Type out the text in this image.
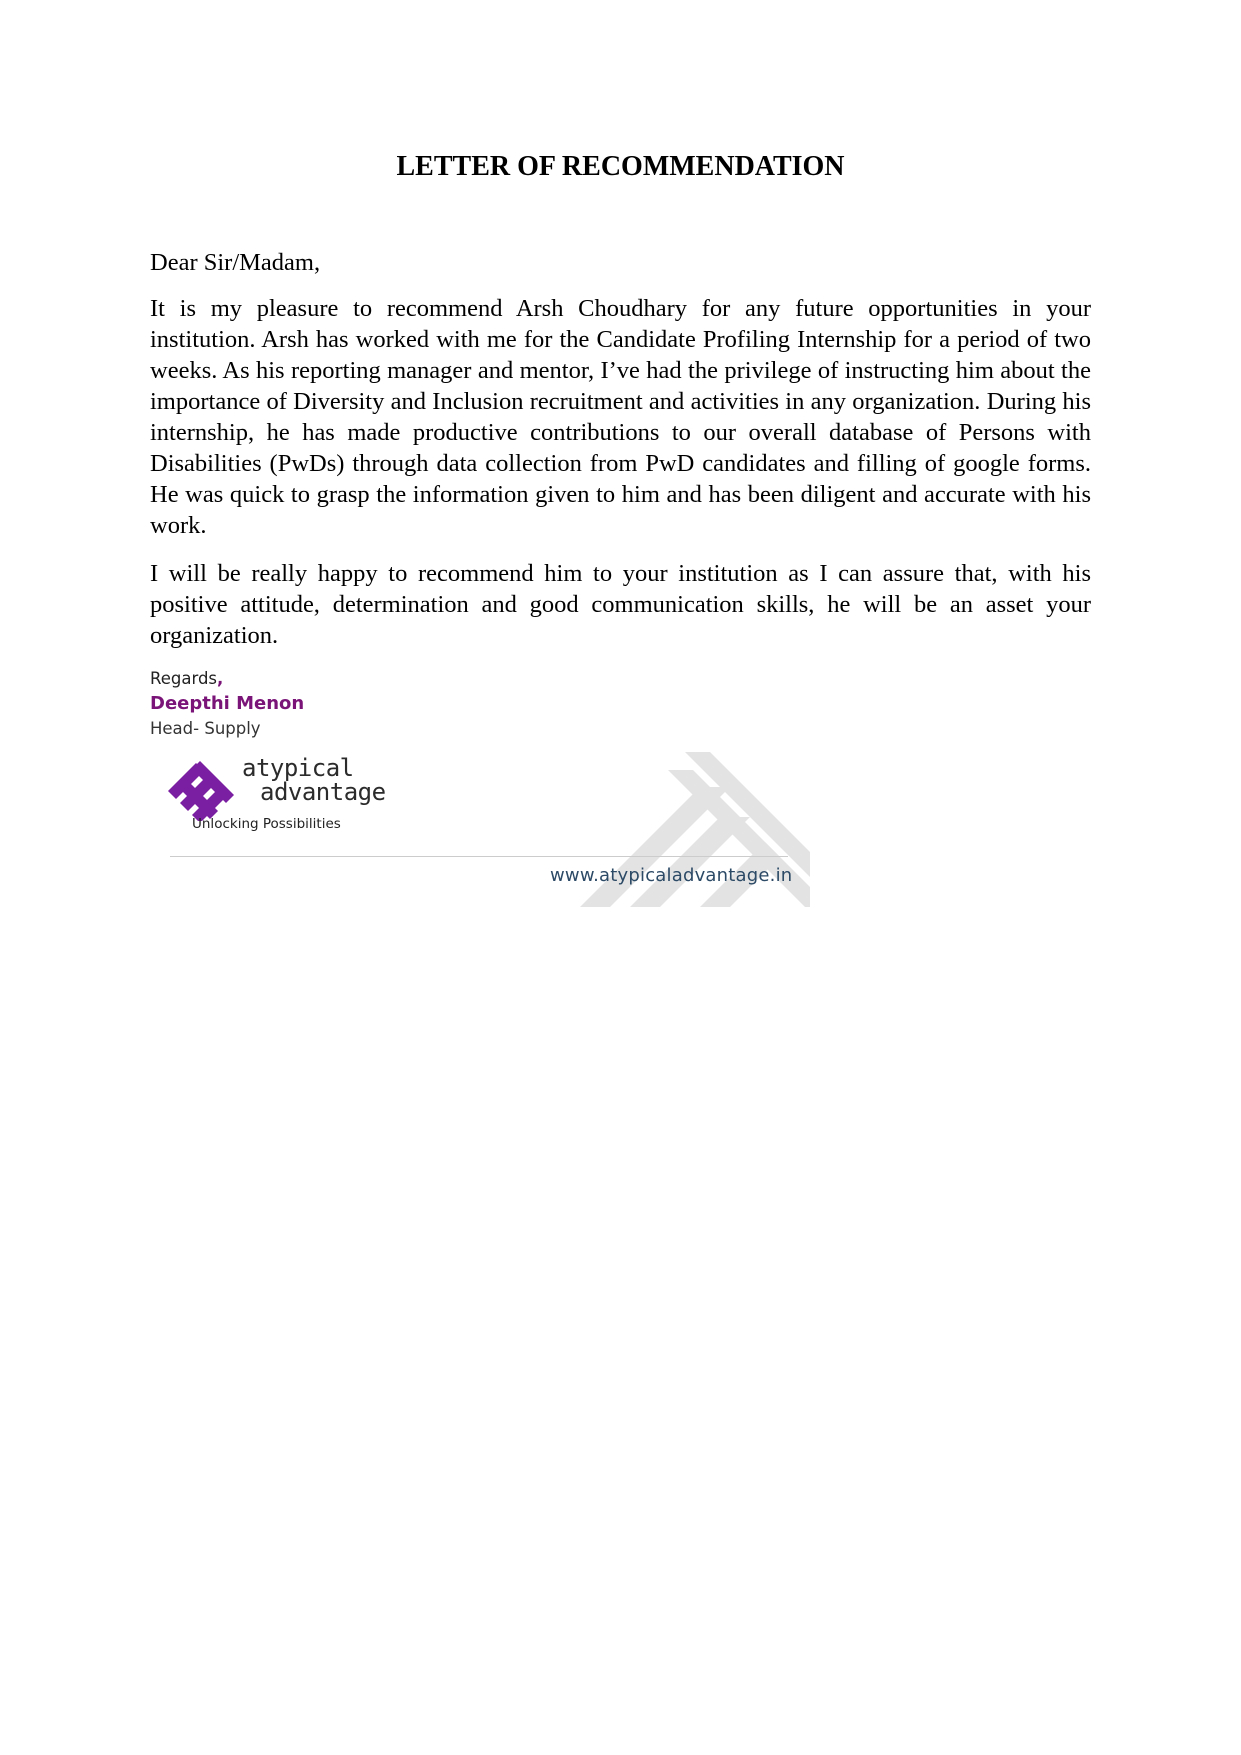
LETTER OF RECOMMENDATION

Dear Sir/Madam,

It is my pleasure to recommend Arsh Choudhary for any future opportunities in your institution. Arsh has worked with me for the Candidate Profiling Internship for a period of two weeks. As his reporting manager and mentor, I’ve had the privilege of instructing him about the importance of Diversity and Inclusion recruitment and activities in any organization. During his internship, he has made productive contributions to our overall database of Persons with Disabilities (PwDs) through data collection from PwD candidates and filling of google forms. He was quick to grasp the information given to him and has been diligent and accurate with his work.

I will be really happy to recommend him to your institution as I can assure that, with his positive attitude, determination and good communication skills, he will be an asset your organization.

Regards,
Deepthi Menon
Head- Supply
atypical
advantage
Unlocking Possibilities
www.atypicaladvantage.in
